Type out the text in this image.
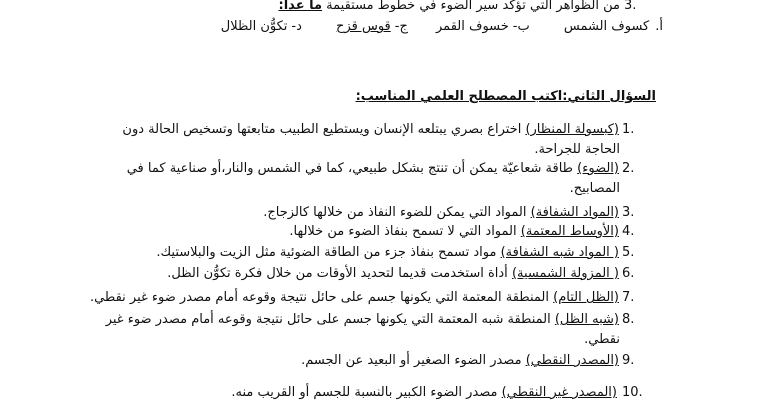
3.
من الظواهر التي تؤكد سير الضوء في خطوط مستقيمة ما عدا:
أ.كسوف الشمس ب-خسوف القمر ج-قوس قزح د-تكوُّن الظلال
السؤال الثاني:اكتب المصطلح العلمي المناسب:
1.
(كبسولة المنظار) اختراع بصري يبتلعه الإنسان ويستطيع الطبيب متابعتها وتسخيص الحالة دون
الحاجة للجراحة.
2.
(الضوء) طاقة شعاعيّة يمكن أن تنتج بشكل طبيعي، كما في الشمس والنار،أو صناعية كما في
المصابيح.
3.
(المواد الشفافة) المواد التي يمكن للضوء النفاذ من خلالها كالزجاج.
4.
(الأوساط المعتمة) المواد التي لا تسمح بنفاذ الضوء من خلالها.
5.
( المواد شبه الشفافة) مواد تسمح بنفاذ جزء من الطاقة الضوئية مثل الزيت والبلاستيك.
6.
( المزولة الشمسية) أداة استخدمت قديما لتحديد الأوقات من خلال فكرة تكوُّن الظل.
7.
(الظل التام) المنطقة المعتمة التي يكونها جسم على حائل نتيجة وقوعه أمام مصدر ضوء غير نقطي.
8.
(شبه الظل) المنطقة شبه المعتمة التي يكونها جسم على حائل نتيجة وقوعه أمام مصدر ضوء غير
نقطي.
9.
(المصدر النقطي) مصدر الضوء الصغير أو البعيد عن الجسم.
10.
(المصدر غير النقطي) مصدر الضوء الكبير بالنسبة للجسم أو القريب منه.
